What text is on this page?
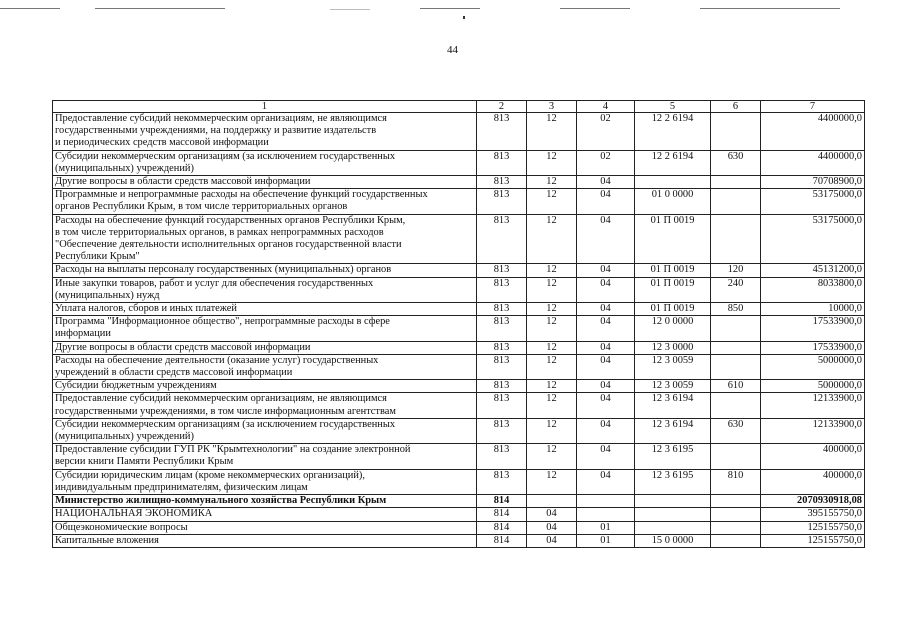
44
1	2	3	4	5	6	7
Предоставление субсидий некоммерческим организациям, не являющимся
государственными учреждениями, на поддержку и развитие издательств
и периодических средств массовой информации	813	12	02	12 2 6194		4400000,0
Субсидии некоммерческим организациям (за исключением государственных
(муниципальных) учреждений)	813	12	02	12 2 6194	630	4400000,0
Другие вопросы в области средств массовой информации	813	12	04			70708900,0
Программные и непрограммные расходы на обеспечение функций государственных
органов Республики Крым, в том числе территориальных органов	813	12	04	01 0 0000		53175000,0
Расходы на обеспечение функций государственных органов Республики Крым,
в том числе территориальных органов, в рамках непрограммных расходов
"Обеспечение деятельности исполнительных органов государственной власти
Республики Крым"	813	12	04	01 П 0019		53175000,0
Расходы на выплаты персоналу государственных (муниципальных) органов	813	12	04	01 П 0019	120	45131200,0
Иные закупки товаров, работ и услуг для обеспечения государственных
(муниципальных) нужд	813	12	04	01 П 0019	240	8033800,0
Уплата налогов, сборов и иных платежей	813	12	04	01 П 0019	850	10000,0
Программа "Информационное общество", непрограммные расходы в сфере
информации	813	12	04	12 0 0000		17533900,0
Другие вопросы в области средств массовой информации	813	12	04	12 3 0000		17533900,0
Расходы на обеспечение деятельности (оказание услуг) государственных
учреждений в области средств массовой информации	813	12	04	12 3 0059		5000000,0
Субсидии бюджетным учреждениям	813	12	04	12 3 0059	610	5000000,0
Предоставление субсидий некоммерческим организациям, не являющимся
государственными учреждениями, в том числе информационным агентствам	813	12	04	12 3 6194		12133900,0
Субсидии некоммерческим организациям (за исключением государственных
(муниципальных) учреждений)	813	12	04	12 3 6194	630	12133900,0
Предоставление субсидии ГУП РК "Крымтехнологии" на создание электронной
версии книги Памяти Республики Крым	813	12	04	12 3 6195		400000,0
Субсидии юридическим лицам (кроме некоммерческих организаций),
индивидуальным предпринимателям, физическим лицам	813	12	04	12 3 6195	810	400000,0
Министерство жилищно-коммунального хозяйства Республики Крым	814					2070930918,08
НАЦИОНАЛЬНАЯ ЭКОНОМИКА	814	04				395155750,0
Общеэкономические вопросы	814	04	01			125155750,0
Капитальные вложения	814	04	01	15 0 0000		125155750,0
